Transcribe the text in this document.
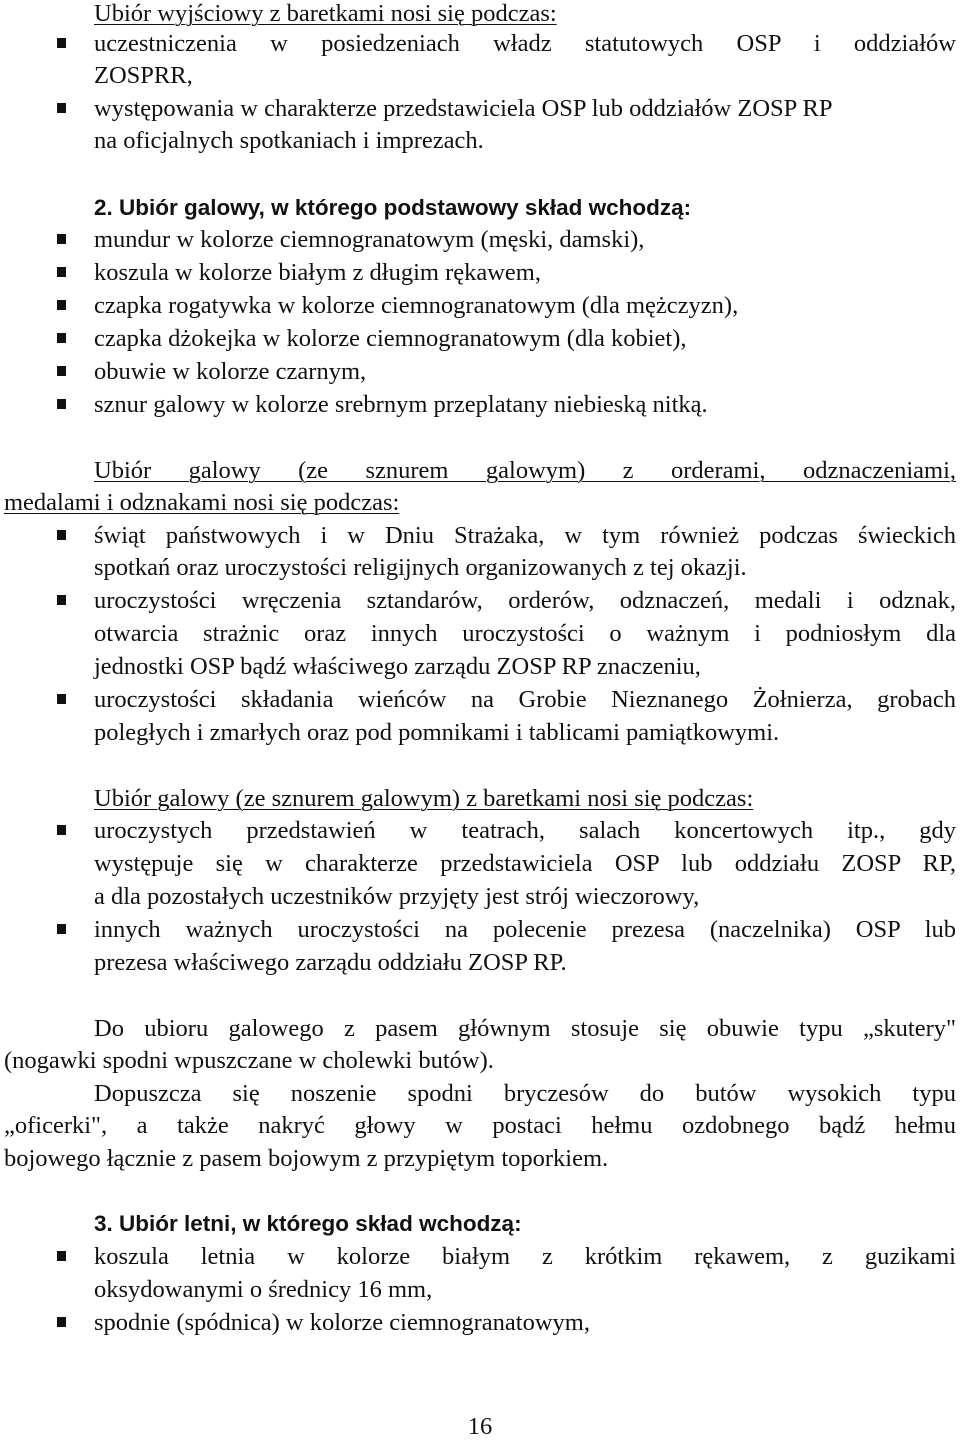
Ubiór wyjściowy z baretkami nosi się podczas:
uczestniczenia w posiedzeniach władz statutowych OSP i oddziałów
ZOSPRR,
występowania w charakterze przedstawiciela OSP lub oddziałów ZOSP RP
na oficjalnych spotkaniach i imprezach.
2. Ubiór galowy, w którego podstawowy skład wchodzą:
mundur w kolorze ciemnogranatowym (męski, damski),
koszula w kolorze białym z długim rękawem,
czapka rogatywka w kolorze ciemnogranatowym (dla mężczyzn),
czapka dżokejka w kolorze ciemnogranatowym (dla kobiet),
obuwie w kolorze czarnym,
sznur galowy w kolorze srebrnym przeplatany niebieską nitką.
Ubiór galowy (ze sznurem galowym) z orderami, odznaczeniami,
medalami i odznakami nosi się podczas:
świąt państwowych i w Dniu Strażaka, w tym również podczas świeckich
spotkań oraz uroczystości religijnych organizowanych z tej okazji.
uroczystości wręczenia sztandarów, orderów, odznaczeń, medali i odznak,
otwarcia strażnic oraz innych uroczystości o ważnym i podniosłym dla
jednostki OSP bądź właściwego zarządu ZOSP RP znaczeniu,
uroczystości składania wieńców na Grobie Nieznanego Żołnierza, grobach
poległych i zmarłych oraz pod pomnikami i tablicami pamiątkowymi.
Ubiór galowy (ze sznurem galowym) z baretkami nosi się podczas:
uroczystych przedstawień w teatrach, salach koncertowych itp., gdy
występuje się w charakterze przedstawiciela OSP lub oddziału ZOSP RP,
a dla pozostałych uczestników przyjęty jest strój wieczorowy,
innych ważnych uroczystości na polecenie prezesa (naczelnika) OSP lub
prezesa właściwego zarządu oddziału ZOSP RP.
Do ubioru galowego z pasem głównym stosuje się obuwie typu „skutery"
(nogawki spodni wpuszczane w cholewki butów).
Dopuszcza się noszenie spodni bryczesów do butów wysokich typu
„oficerki", a także nakryć głowy w postaci hełmu ozdobnego bądź hełmu
bojowego łącznie z pasem bojowym z przypiętym toporkiem.
3. Ubiór letni, w którego skład wchodzą:
koszula letnia w kolorze białym z krótkim rękawem, z guzikami
oksydowanymi o średnicy 16 mm,
spodnie (spódnica) w kolorze ciemnogranatowym,
16
